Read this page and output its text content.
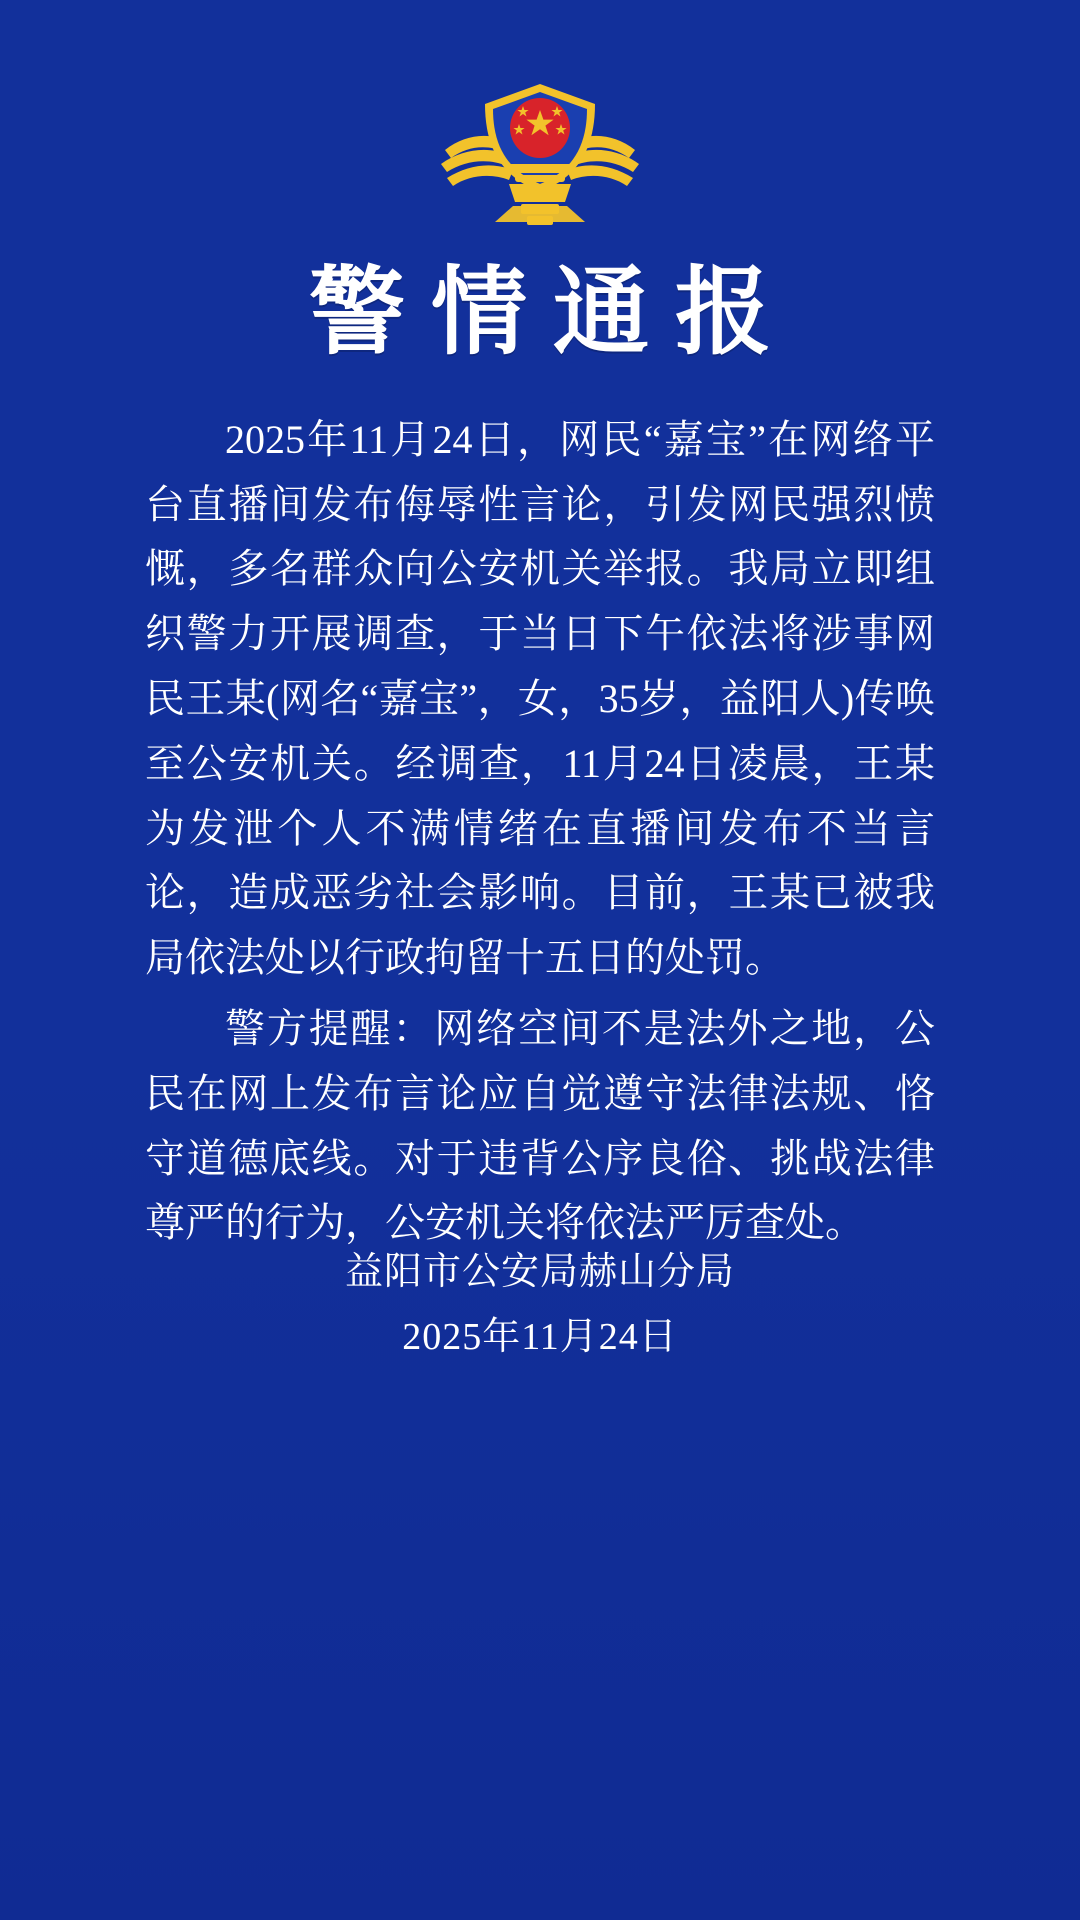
警情通报

2025年11月24日，网民“嘉宝”在网络平台直播间发布侮辱性言论，引发网民强烈愤慨，多名群众向公安机关举报。我局立即组织警力开展调查，于当日下午依法将涉事网民王某(网名“嘉宝”，女，35岁，益阳人)传唤至公安机关。经调查，11月24日凌晨，王某为发泄个人不满情绪在直播间发布不当言论，造成恶劣社会影响。目前，王某已被我局依法处以行政拘留十五日的处罚。

警方提醒：网络空间不是法外之地，公民在网上发布言论应自觉遵守法律法规、恪守道德底线。对于违背公序良俗、挑战法律尊严的行为，公安机关将依法严厉查处。

益阳市公安局赫山分局
2025年11月24日
